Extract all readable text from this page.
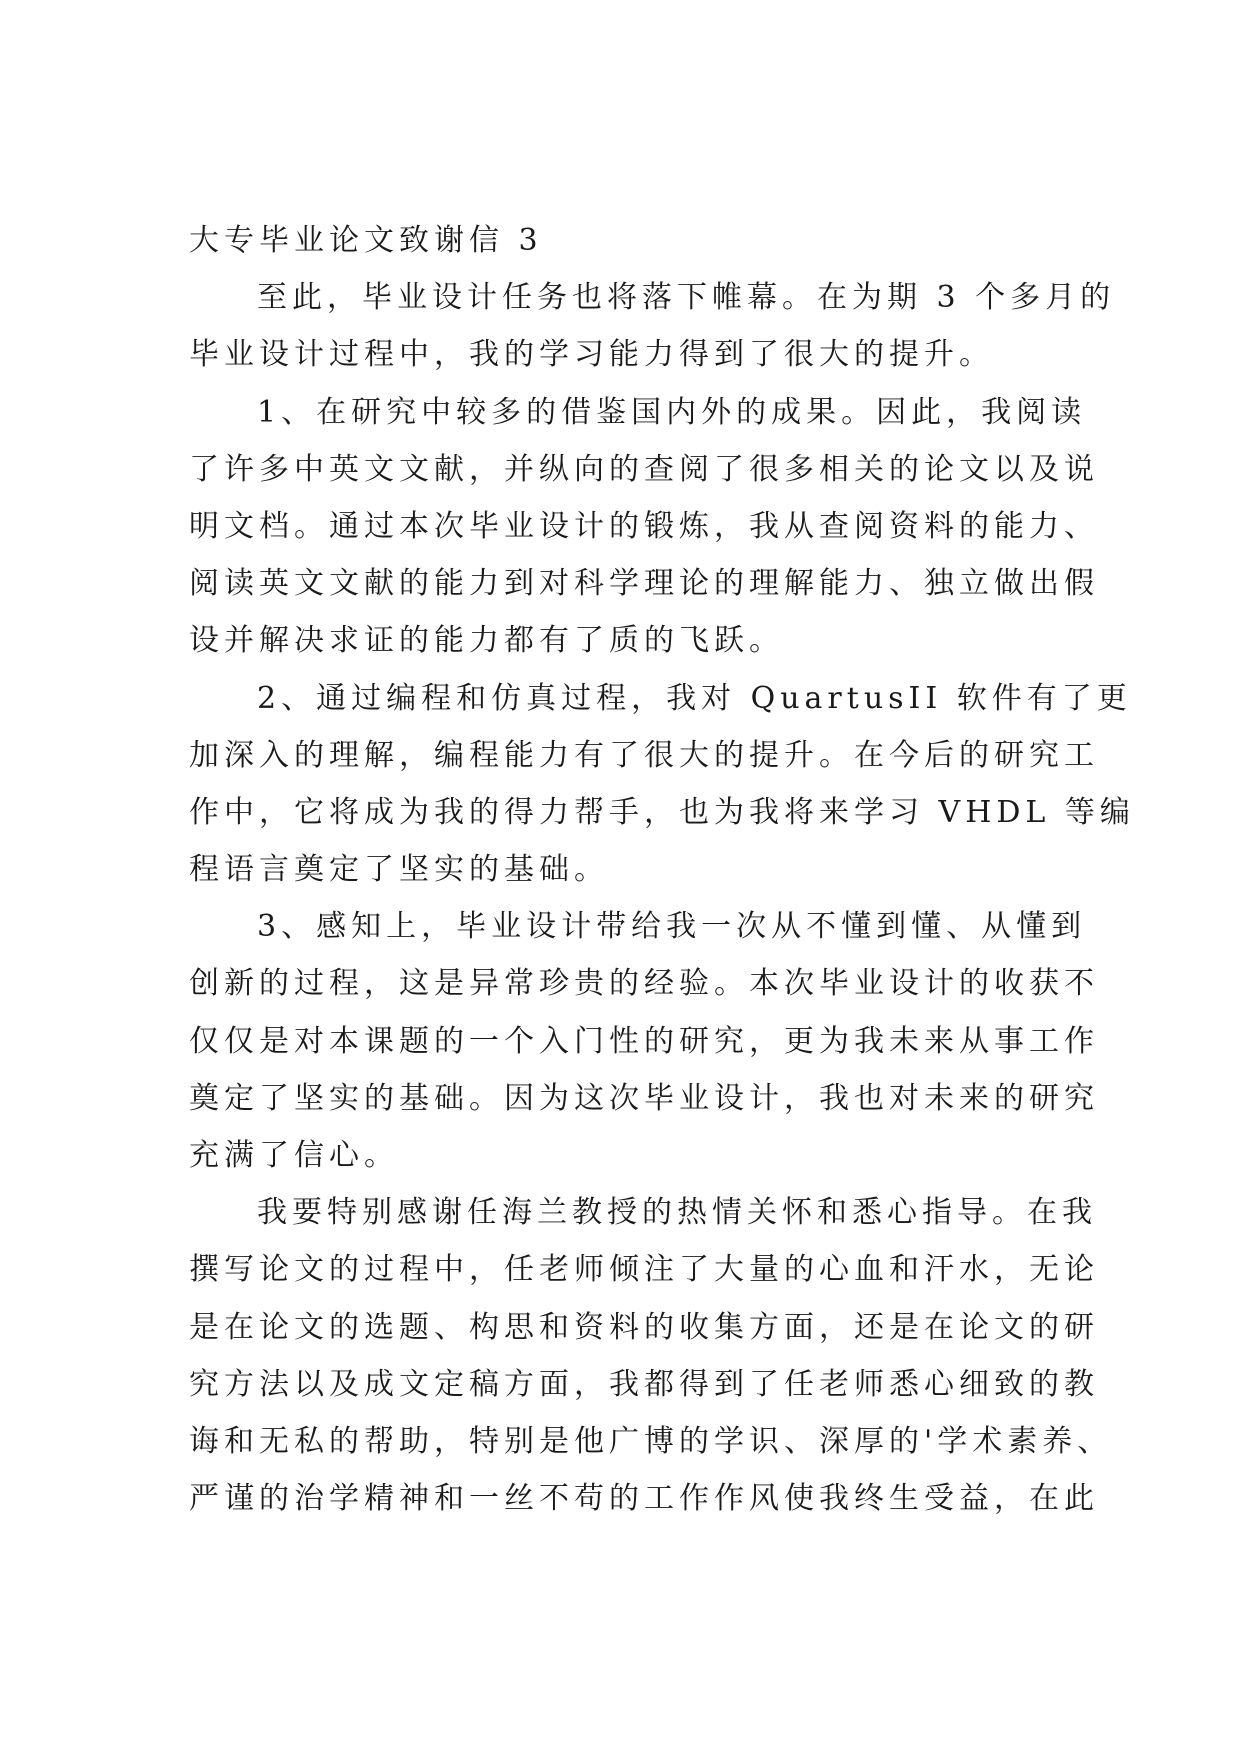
大专毕业论文致谢信 3
至此，毕业设计任务也将落下帷幕。在为期 3 个多月的
毕业设计过程中，我的学习能力得到了很大的提升。
1、在研究中较多的借鉴国内外的成果。因此，我阅读
了许多中英文文献，并纵向的查阅了很多相关的论文以及说
明文档。通过本次毕业设计的锻炼，我从查阅资料的能力、
阅读英文文献的能力到对科学理论的理解能力、独立做出假
设并解决求证的能力都有了质的飞跃。
2、通过编程和仿真过程，我对 QuartusII 软件有了更
加深入的理解，编程能力有了很大的提升。在今后的研究工
作中，它将成为我的得力帮手，也为我将来学习 VHDL 等编
程语言奠定了坚实的基础。
3、感知上，毕业设计带给我一次从不懂到懂、从懂到
创新的过程，这是异常珍贵的经验。本次毕业设计的收获不
仅仅是对本课题的一个入门性的研究，更为我未来从事工作
奠定了坚实的基础。因为这次毕业设计，我也对未来的研究
充满了信心。
我要特别感谢任海兰教授的热情关怀和悉心指导。在我
撰写论文的过程中，任老师倾注了大量的心血和汗水，无论
是在论文的选题、构思和资料的收集方面，还是在论文的研
究方法以及成文定稿方面，我都得到了任老师悉心细致的教
诲和无私的帮助，特别是他广博的学识、深厚的'学术素养、
严谨的治学精神和一丝不苟的工作作风使我终生受益，在此
